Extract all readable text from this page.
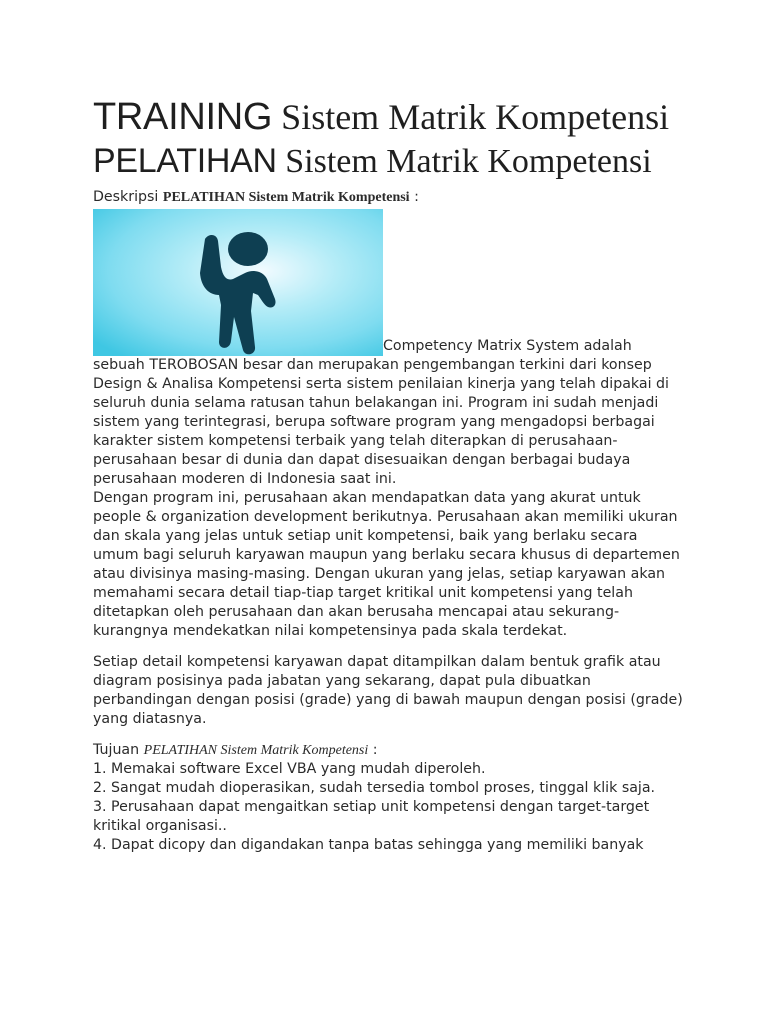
TRAINING Sistem Matrik Kompetensi
PELATIHAN Sistem Matrik Kompetensi

Deskripsi PELATIHAN Sistem Matrik Kompetensi :

Competency Matrix System adalah sebuah TEROBOSAN besar dan merupakan pengembangan terkini dari konsep Design & Analisa Kompetensi serta sistem penilaian kinerja yang telah dipakai di seluruh dunia selama ratusan tahun belakangan ini. Program ini sudah menjadi sistem yang terintegrasi, berupa software program yang mengadopsi berbagai karakter sistem kompetensi terbaik yang telah diterapkan di perusahaan-perusahaan besar di dunia dan dapat disesuaikan dengan berbagai budaya perusahaan moderen di Indonesia saat ini.

Dengan program ini, perusahaan akan mendapatkan data yang akurat untuk people & organization development berikutnya. Perusahaan akan memiliki ukuran dan skala yang jelas untuk setiap unit kompetensi, baik yang berlaku secara umum bagi seluruh karyawan maupun yang berlaku secara khusus di departemen atau divisinya masing-masing. Dengan ukuran yang jelas, setiap karyawan akan memahami secara detail tiap-tiap target kritikal unit kompetensi yang telah ditetapkan oleh perusahaan dan akan berusaha mencapai atau sekurang-kurangnya mendekatkan nilai kompetensinya pada skala terdekat.

Setiap detail kompetensi karyawan dapat ditampilkan dalam bentuk grafik atau diagram posisinya pada jabatan yang sekarang, dapat pula dibuatkan perbandingan dengan posisi (grade) yang di bawah maupun dengan posisi (grade) yang diatasnya.

Tujuan PELATIHAN Sistem Matrik Kompetensi :
1. Memakai software Excel VBA yang mudah diperoleh.
2. Sangat mudah dioperasikan, sudah tersedia tombol proses, tinggal klik saja.
3. Perusahaan dapat mengaitkan setiap unit kompetensi dengan target-target kritikal organisasi..
4. Dapat dicopy dan digandakan tanpa batas sehingga yang memiliki banyak
